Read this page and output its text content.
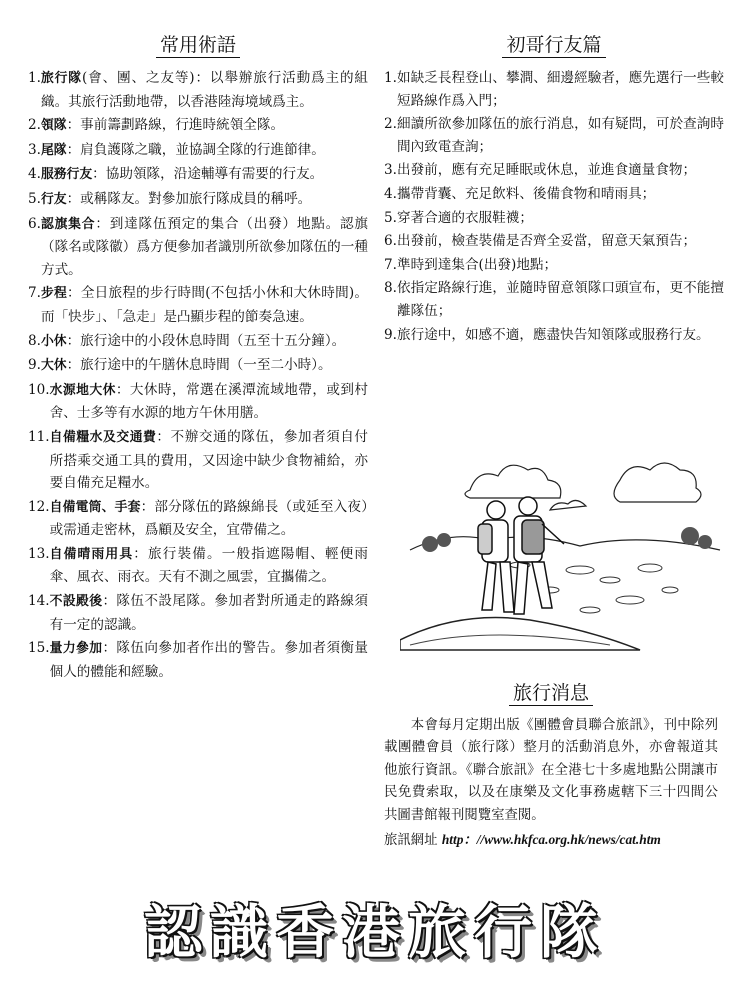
常用術語
1. 旅行隊(會、團、之友等)：以舉辦旅行活動爲主的組織。其旅行活動地帶，以香港陸海境域爲主。
2. 領隊：事前籌劃路線，行進時統領全隊。
3. 尾隊：肩負護隊之職，並協調全隊的行進節律。
4. 服務行友：協助領隊，沿途輔導有需要的行友。
5. 行友：或稱隊友。對參加旅行隊成員的稱呼。
6. 認旗集合：到達隊伍預定的集合（出發）地點。認旗（隊名或隊徽）爲方便參加者識別所欲參加隊伍的一種方式。
7. 步程：全日旅程的步行時間(不包括小休和大休時間)。而「快步」、「急走」是凸顯步程的節奏急速。
8. 小休：旅行途中的小段休息時間（五至十五分鐘）。
9. 大休：旅行途中的午膳休息時間（一至二小時）。
10. 水源地大休：大休時，常選在溪潭流域地帶，或到村舍、士多等有水源的地方午休用膳。
11. 自備糧水及交通費：不辦交通的隊伍，參加者須自付所搭乘交通工具的費用，又因途中缺少食物補給，亦要自備充足糧水。
12. 自備電筒、手套：部分隊伍的路線綿長（或延至入夜）或需通走密林，爲顧及安全，宜帶備之。
13. 自備晴雨用具：旅行裝備。一般指遮陽帽、輕便雨傘、風衣、雨衣。天有不測之風雲，宜攜備之。
14. 不設殿後：隊伍不設尾隊。參加者對所通走的路線須有一定的認識。
15. 量力參加：隊伍向參加者作出的警告。參加者須衡量個人的體能和經驗。
初哥行友篇
1. 如缺乏長程登山、攀澗、細邊經驗者，應先選行一些較短路線作爲入門；
2. 細讀所欲參加隊伍的旅行消息，如有疑問，可於查詢時間內致電查詢；
3. 出發前，應有充足睡眠或休息，並進食適量食物；
4. 攜帶背囊、充足飲料、後備食物和晴雨具；
5. 穿著合適的衣服鞋襪；
6. 出發前，檢查裝備是否齊全妥當，留意天氣預告；
7. 準時到達集合(出發)地點；
8. 依指定路線行進，並隨時留意領隊口頭宣布，更不能擅離隊伍；
9. 旅行途中，如感不適，應盡快告知領隊或服務行友。
旅行消息

本會每月定期出版《團體會員聯合旅訊》，刊中除列載團體會員（旅行隊）整月的活動消息外，亦會報道其他旅行資訊。《聯合旅訊》在全港七十多處地點公開讓市民免費索取，以及在康樂及文化事務處轄下三十四間公共圖書館報刊閱覽室查閱。

旅訊網址 http：//www.hkfca.org.hk/news/cat.htm
認識香港旅行隊
